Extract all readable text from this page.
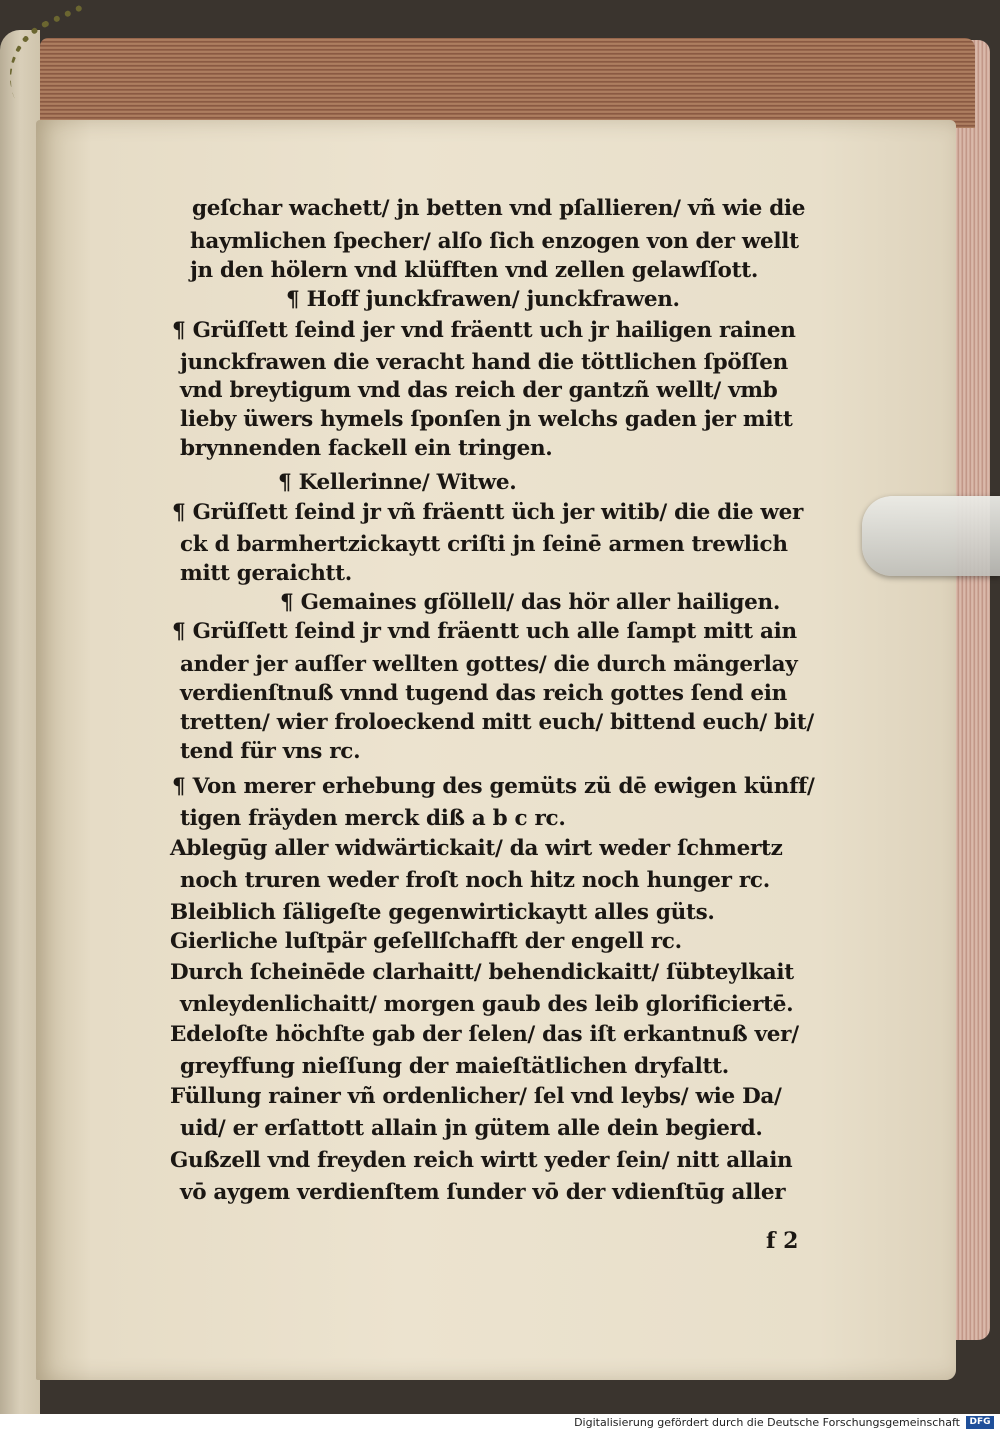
geſchar wachett/ jn betten vnd pſallieren/ vñ wie die
haymlichen ſpecher/ alſo ſich enzogen von der wellt
jn den hölern vnd klüfften vnd zellen gelawſſott.
¶ Hoff junckfrawen/ junckfrawen.
¶ Grüſſett ſeind jer vnd fräentt uch jr hailigen rainen
junckfrawen die veracht hand die töttlichen ſpöſſen
vnd breytigum vnd das reich der gantzñ wellt/ vmb
lieby üwers hymels ſponſen jn welchs gaden jer mitt
brynnenden fackell ein tringen.
¶ Kellerinne/ Witwe.
¶ Grüſſett ſeind jr vñ fräentt üch jer witib/ die die wer
ck d barmhertzickaytt criſti jn ſeinē armen trewlich
mitt geraichtt.
¶ Gemaines gſöllell/ das hör aller hailigen.
¶ Grüſſett ſeind jr vnd fräentt uch alle ſampt mitt ain
ander jer auſſer wellten gottes/ die durch mängerlay
verdienſtnuß vnnd tugend das reich gottes ſend ein
tretten/ wier froloeckend mitt euch/ bittend euch/ bit/
tend für vns rc.
¶ Von merer erhebung des gemüts zü dē ewigen künff/
tigen fräyden merck diß a b c rc.
Ablegūg aller widwärtickait/ da wirt weder ſchmertz
noch truren weder froſt noch hitz noch hunger rc.
Bleiblich ſäligeſte gegenwirtickaytt alles güts.
Gierliche luſtpär geſellſchafft der engell rc.
Durch ſcheinēde clarhaitt/ behendickaitt/ ſübteylkait
vnleydenlichaitt/ morgen gaub des leib glorificiertē.
Edeloſte höchſte gab der ſelen/ das iſt erkantnuß ver/
greyffung nieſſung der maieſtätlichen dryfaltt.
Füllung rainer vñ ordenlicher/ ſel vnd leybs/ wie Da/
uid/ er erſattott allain jn gütem alle dein begierd.
Gußzell vnd freyden reich wirtt yeder ſein/ nitt allain
vō aygem verdienſtem ſunder vō der vdienſtūg aller
f 2
Digitalisierung gefördert durch die Deutsche Forschungsgemeinschaft	DFG
